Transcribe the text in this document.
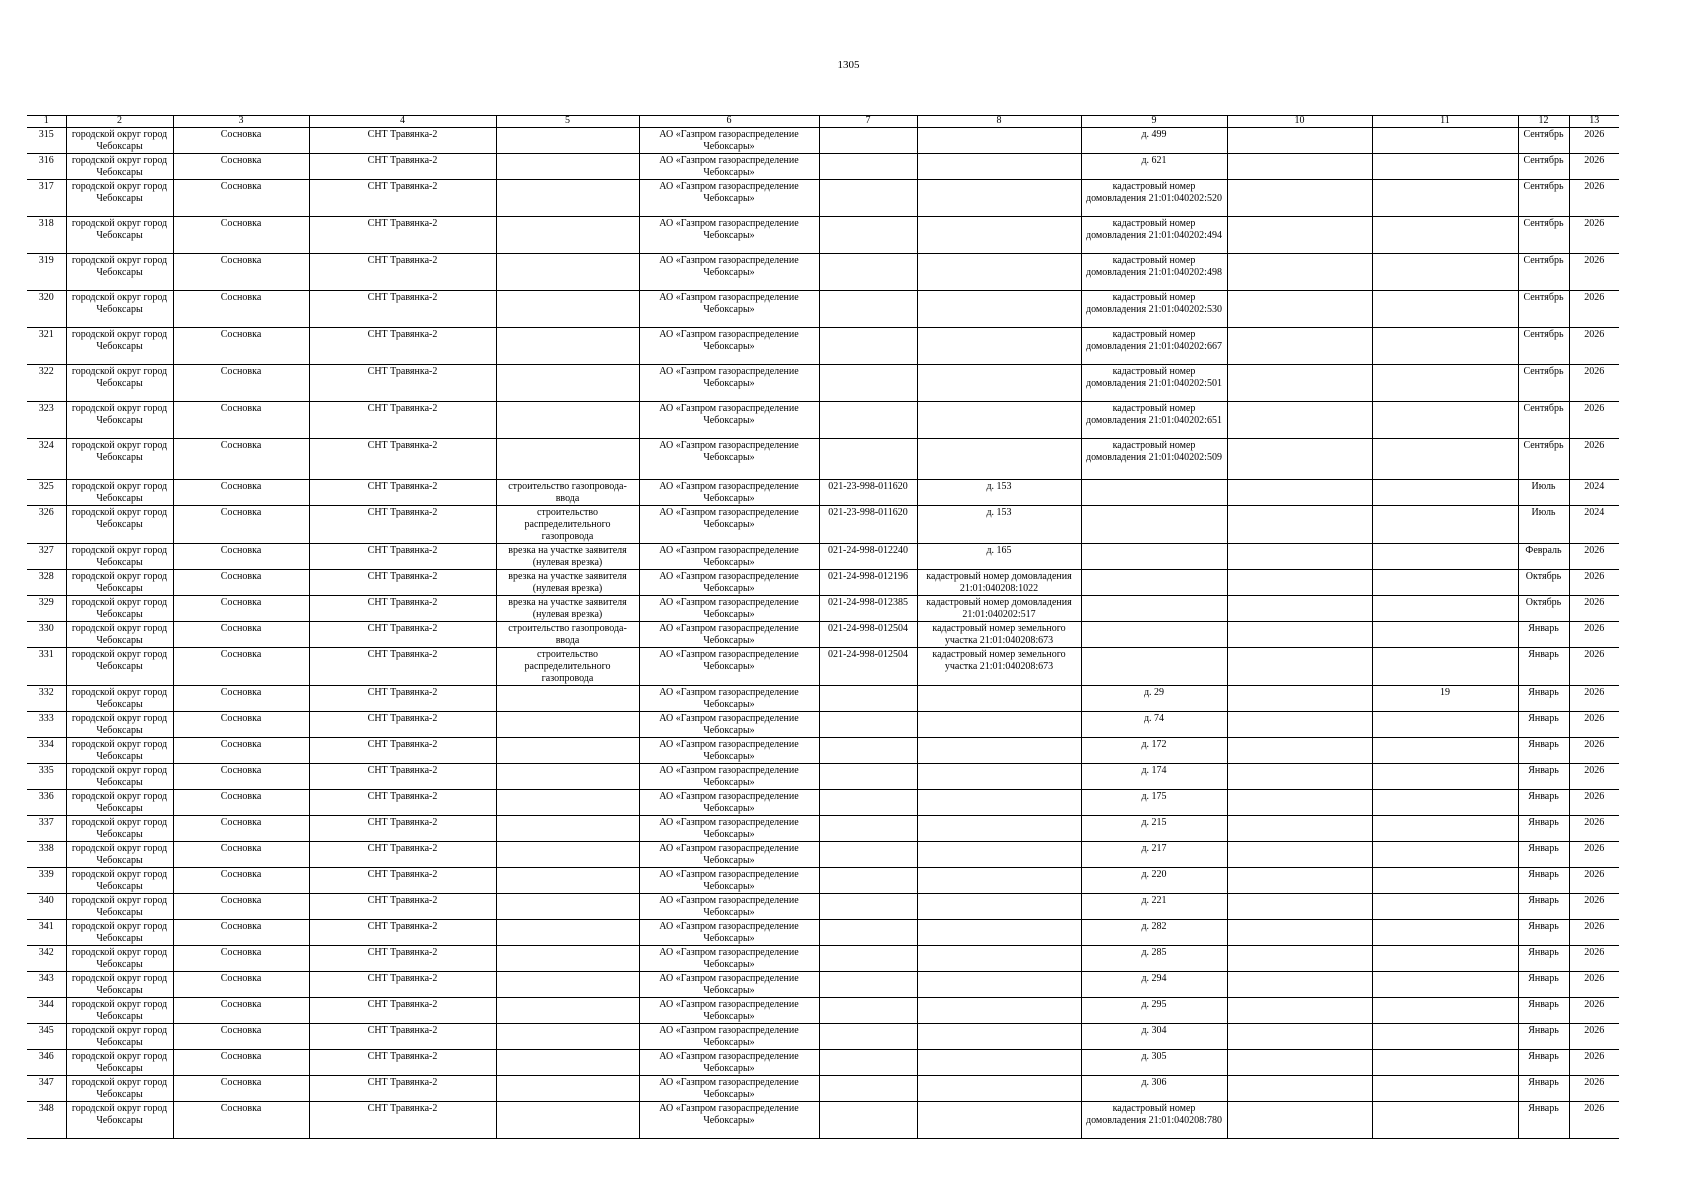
1305
1	2	3	4	5	6	7	8	9	10	11	12	13
315	городской округ город Чебоксары	Сосновка	СНТ Травянка-2		АО «Газпром газораспределение Чебоксары»			д. 499			Сентябрь	2026
316	городской округ город Чебоксары	Сосновка	СНТ Травянка-2		АО «Газпром газораспределение Чебоксары»			д. 621			Сентябрь	2026
317	городской округ город Чебоксары	Сосновка	СНТ Травянка-2		АО «Газпром газораспределение Чебоксары»			кадастровый номер домовладения 21:01:040202:520			Сентябрь	2026
318	городской округ город Чебоксары	Сосновка	СНТ Травянка-2		АО «Газпром газораспределение Чебоксары»			кадастровый номер домовладения 21:01:040202:494			Сентябрь	2026
319	городской округ город Чебоксары	Сосновка	СНТ Травянка-2		АО «Газпром газораспределение Чебоксары»			кадастровый номер домовладения 21:01:040202:498			Сентябрь	2026
320	городской округ город Чебоксары	Сосновка	СНТ Травянка-2		АО «Газпром газораспределение Чебоксары»			кадастровый номер домовладения 21:01:040202:530			Сентябрь	2026
321	городской округ город Чебоксары	Сосновка	СНТ Травянка-2		АО «Газпром газораспределение Чебоксары»			кадастровый номер домовладения 21:01:040202:667			Сентябрь	2026
322	городской округ город Чебоксары	Сосновка	СНТ Травянка-2		АО «Газпром газораспределение Чебоксары»			кадастровый номер домовладения 21:01:040202:501			Сентябрь	2026
323	городской округ город Чебоксары	Сосновка	СНТ Травянка-2		АО «Газпром газораспределение Чебоксары»			кадастровый номер домовладения 21:01:040202:651			Сентябрь	2026
324	городской округ город Чебоксары	Сосновка	СНТ Травянка-2		АО «Газпром газораспределение Чебоксары»			кадастровый номер домовладения 21:01:040202:509			Сентябрь	2026
325	городской округ город Чебоксары	Сосновка	СНТ Травянка-2	строительство газопровода-ввода	АО «Газпром газораспределение Чебоксары»	021-23-998-011620	д. 153				Июль	2024
326	городской округ город Чебоксары	Сосновка	СНТ Травянка-2	строительство распределительного газопровода	АО «Газпром газораспределение Чебоксары»	021-23-998-011620	д. 153				Июль	2024
327	городской округ город Чебоксары	Сосновка	СНТ Травянка-2	врезка на участке заявителя (нулевая врезка)	АО «Газпром газораспределение Чебоксары»	021-24-998-012240	д. 165				Февраль	2026
328	городской округ город Чебоксары	Сосновка	СНТ Травянка-2	врезка на участке заявителя (нулевая врезка)	АО «Газпром газораспределение Чебоксары»	021-24-998-012196	кадастровый номер домовладения 21:01:040208:1022				Октябрь	2026
329	городской округ город Чебоксары	Сосновка	СНТ Травянка-2	врезка на участке заявителя (нулевая врезка)	АО «Газпром газораспределение Чебоксары»	021-24-998-012385	кадастровый номер домовладения 21:01:040202:517				Октябрь	2026
330	городской округ город Чебоксары	Сосновка	СНТ Травянка-2	строительство газопровода-ввода	АО «Газпром газораспределение Чебоксары»	021-24-998-012504	кадастровый номер земельного участка 21:01:040208:673				Январь	2026
331	городской округ город Чебоксары	Сосновка	СНТ Травянка-2	строительство распределительного газопровода	АО «Газпром газораспределение Чебоксары»	021-24-998-012504	кадастровый номер земельного участка 21:01:040208:673				Январь	2026
332	городской округ город Чебоксары	Сосновка	СНТ Травянка-2		АО «Газпром газораспределение Чебоксары»			д. 29		19	Январь	2026
333	городской округ город Чебоксары	Сосновка	СНТ Травянка-2		АО «Газпром газораспределение Чебоксары»			д. 74			Январь	2026
334	городской округ город Чебоксары	Сосновка	СНТ Травянка-2		АО «Газпром газораспределение Чебоксары»			д. 172			Январь	2026
335	городской округ город Чебоксары	Сосновка	СНТ Травянка-2		АО «Газпром газораспределение Чебоксары»			д. 174			Январь	2026
336	городской округ город Чебоксары	Сосновка	СНТ Травянка-2		АО «Газпром газораспределение Чебоксары»			д. 175			Январь	2026
337	городской округ город Чебоксары	Сосновка	СНТ Травянка-2		АО «Газпром газораспределение Чебоксары»			д. 215			Январь	2026
338	городской округ город Чебоксары	Сосновка	СНТ Травянка-2		АО «Газпром газораспределение Чебоксары»			д. 217			Январь	2026
339	городской округ город Чебоксары	Сосновка	СНТ Травянка-2		АО «Газпром газораспределение Чебоксары»			д. 220			Январь	2026
340	городской округ город Чебоксары	Сосновка	СНТ Травянка-2		АО «Газпром газораспределение Чебоксары»			д. 221			Январь	2026
341	городской округ город Чебоксары	Сосновка	СНТ Травянка-2		АО «Газпром газораспределение Чебоксары»			д. 282			Январь	2026
342	городской округ город Чебоксары	Сосновка	СНТ Травянка-2		АО «Газпром газораспределение Чебоксары»			д. 285			Январь	2026
343	городской округ город Чебоксары	Сосновка	СНТ Травянка-2		АО «Газпром газораспределение Чебоксары»			д. 294			Январь	2026
344	городской округ город Чебоксары	Сосновка	СНТ Травянка-2		АО «Газпром газораспределение Чебоксары»			д. 295			Январь	2026
345	городской округ город Чебоксары	Сосновка	СНТ Травянка-2		АО «Газпром газораспределение Чебоксары»			д. 304			Январь	2026
346	городской округ город Чебоксары	Сосновка	СНТ Травянка-2		АО «Газпром газораспределение Чебоксары»			д. 305			Январь	2026
347	городской округ город Чебоксары	Сосновка	СНТ Травянка-2		АО «Газпром газораспределение Чебоксары»			д. 306			Январь	2026
348	городской округ город Чебоксары	Сосновка	СНТ Травянка-2		АО «Газпром газораспределение Чебоксары»			кадастровый номер домовладения 21:01:040208:780			Январь	2026
